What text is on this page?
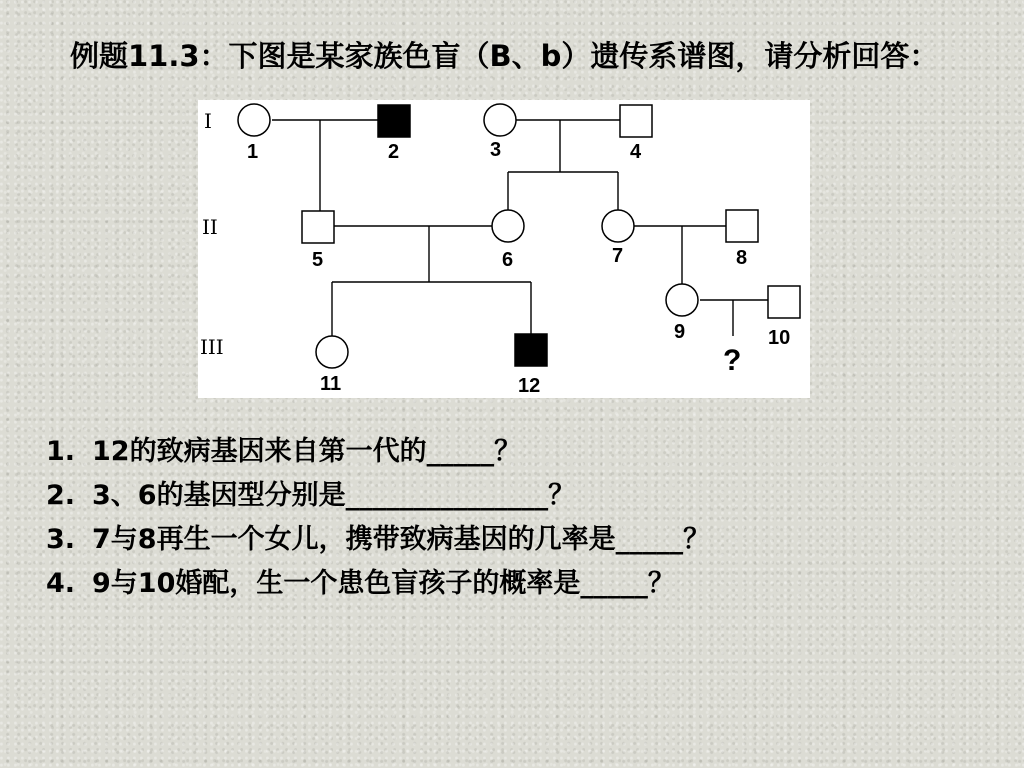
例题11.3：下图是某家族色盲（B、b）遗传系谱图，请分析回答：

I
II
III
1	2	3	4
5	6	7	8
9	10
11	12
?
1. 12的致病基因来自第一代的_____？
2. 3、6的基因型分别是_______________？
3. 7与8再生一个女儿，携带致病基因的几率是_____？
4. 9与10婚配，生一个患色盲孩子的概率是_____？
